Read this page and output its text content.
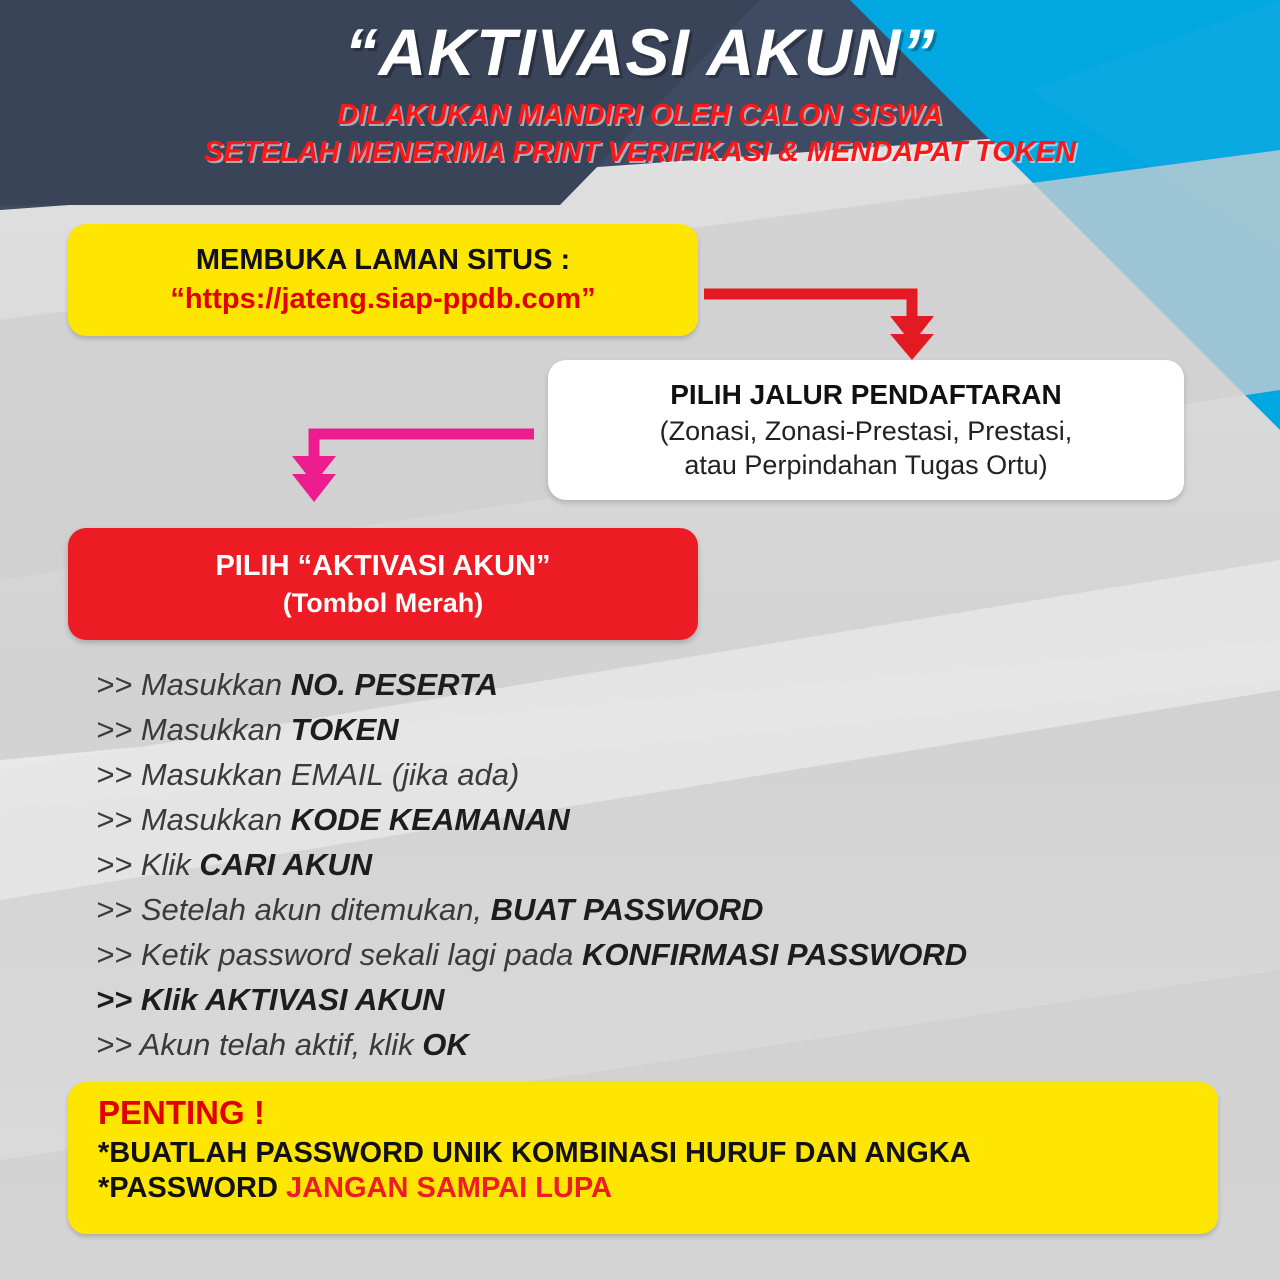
“AKTIVASI AKUN”
DILAKUKAN MANDIRI OLEH CALON SISWA
SETELAH MENERIMA PRINT VERIFIKASI & MENDAPAT TOKEN
MEMBUKA LAMAN SITUS :
“https://jateng.siap-ppdb.com”
PILIH JALUR PENDAFTARAN
(Zonasi, Zonasi-Prestasi, Prestasi,
atau Perpindahan Tugas Ortu)
PILIH “AKTIVASI AKUN”
(Tombol Merah)
>> Masukkan NO. PESERTA
>> Masukkan TOKEN
>> Masukkan EMAIL (jika ada)
>> Masukkan KODE KEAMANAN
>> Klik CARI AKUN
>> Setelah akun ditemukan, BUAT PASSWORD
>> Ketik password sekali lagi pada KONFIRMASI PASSWORD
>> Klik AKTIVASI AKUN
>> Akun telah aktif, klik OK
PENTING !
*BUATLAH PASSWORD UNIK KOMBINASI HURUF DAN ANGKA
*PASSWORD JANGAN SAMPAI LUPA
